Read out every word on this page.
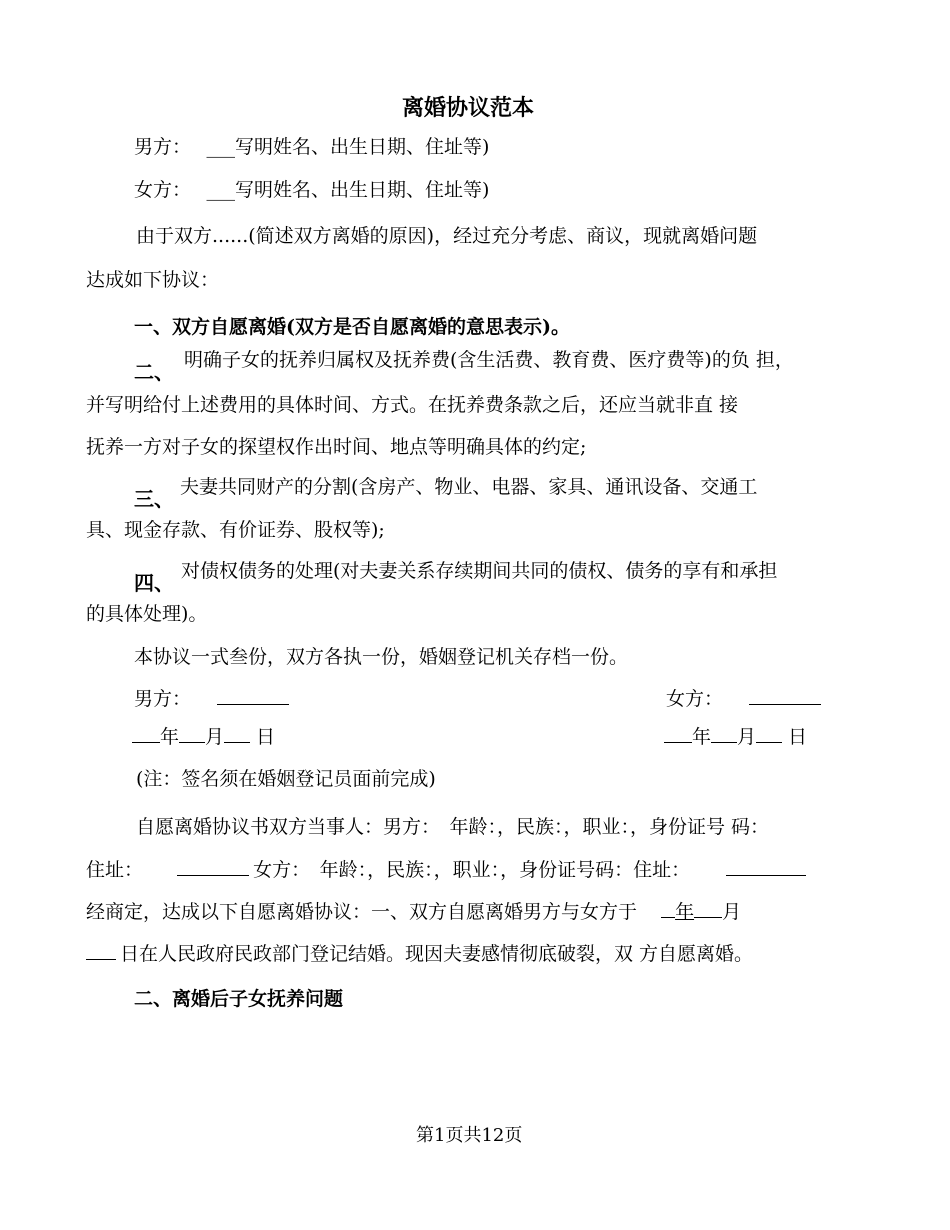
离婚协议范本
男方：　 ___写明姓名、出生日期、住址等)
女方：　 ___写明姓名、出生日期、住址等)
由于双方......(简述双方离婚的原因)，经过充分考虑、商议，现就离婚问题
达成如下协议：
一、双方自愿离婚(双方是否自愿离婚的意思表示)。
二、 明确子女的抚养归属权及抚养费(含生活费、教育费、医疗费等)的负 担，
并写明给付上述费用的具体时间、方式。在抚养费条款之后，还应当就非直 接
抚养一方对子女的探望权作出时间、地点等明确具体的约定;
三、 夫妻共同财产的分割(含房产、物业、电器、家具、通讯设备、交通工
具、现金存款、有价证券、股权等);
四、 对债权债务的处理(对夫妻关系存续期间共同的债权、债务的享有和承担
的具体处理)。
本协议一式叁份，双方各执一份，婚姻登记机关存档一份。
男方：	女方：
年 月 日	年 月 日
(注：签名须在婚姻登记员面前完成)
自愿离婚协议书双方当事人：男方：　年龄：，民族：，职业：，身份证号 码：
住址：	女方：　年龄：，民族：，职业：，身份证号码：住址：
经商定，达成以下自愿离婚协议：一、双方自愿离婚男方与女方于 年 月
日在人民政府民政部门登记结婚。现因夫妻感情彻底破裂，双 方自愿离婚。
二、离婚后子女抚养问题
第1页共12页
